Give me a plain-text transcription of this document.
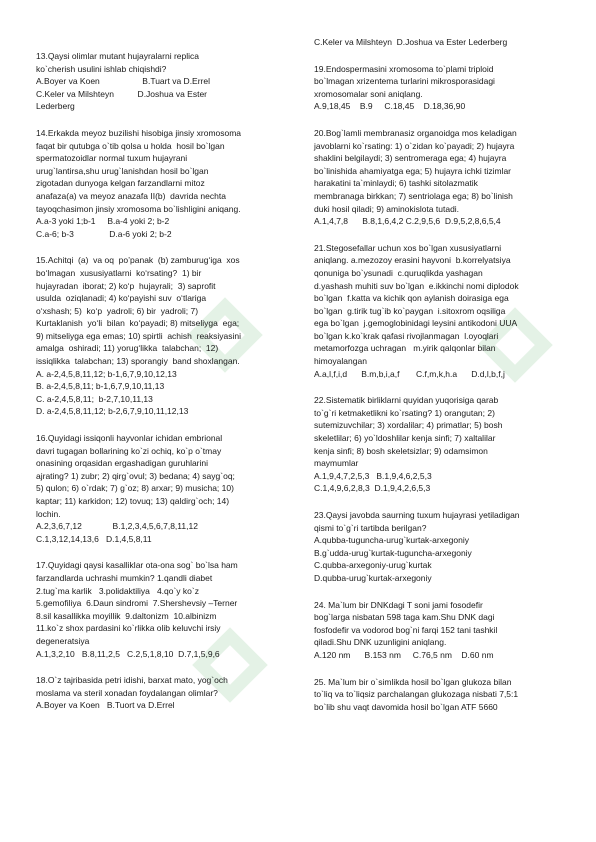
13.Qaysi olimlar mutant hujayralarni replica
ko`cherish usulini ishlab chiqishdi?
A.Boyer va Koen                  B.Tuart va D.Errel
C.Keler va Milshteyn          D.Joshua va Ester
Lederberg
14.Erkakda meyoz buzilishi hisobiga jinsiy xromosoma
faqat bir qutubga o`tib qolsa u holda  hosil bo`lgan
spermatozoidlar normal tuxum hujayrani
urug`lantirsa,shu urug`lanishdan hosil bo`lgan
zigotadan dunyoga kelgan farzandlarni mitoz
anafaza(a) va meyoz anazafa II(b)  davrida nechta
tayoqchasimon jinsiy xromosoma bo`lishligini aniqang.
A.a-3 yoki 1;b-1     B.a-4 yoki 2; b-2
C.a-6; b-3               D.a-6 yoki 2; b-2
15.Achitqi  (a)  va oq  po’panak  (b) zamburug‘iga  xos
bo‘lmagan  xususiyatlarni  ko‘rsating?  1) bir
hujayradan  iborat; 2) ko‘p  hujayrali;  3) saprofit
usulda  oziqlanadi; 4) ko‘payishi suv  o‘tlariga
o‘xshash; 5)  ko‘p  yadroli; 6) bir  yadroli; 7)
Kurtaklanish  yo‘li  bilan  ko‘payadi; 8) mitseliyga  ega;
9) mitseliyga ega emas; 10) spirtli  achish  reaksiyasini
amalga  oshiradi; 11) yorug‘likka  talabchan;  12)
issiqlikka  talabchan; 13) sporangiy  band shoxlangan.
A. a-2,4,5,8,11,12; b-1,6,7,9,10,12,13
B. a-2,4,5,8,11; b-1,6,7,9,10,11,13
C. a-2,4,5,8,11;  b-2,7,10,11,13
D. a-2,4,5,8,11,12; b-2,6,7,9,10,11,12,13
16.Quyidagi issiqonli hayvonlar ichidan embrional
davri tugagan bollarining ko`zi ochiq, ko`p o`tmay
onasining orqasidan ergashadigan guruhlarini
ajrating? 1) zubr; 2) qirg`ovul; 3) bedana; 4) sayg`oq;
5) qulon; 6) o`rdak; 7) g`oz; 8) arxar; 9) musicha; 10)
kaptar; 11) karkidon; 12) tovuq; 13) qaldirg`och; 14)
lochin.
A.2,3,6,7,12             B.1,2,3,4,5,6,7,8,11,12
C.1,3,12,14,13,6   D.1,4,5,8,11
17.Quyidagi qaysi kasalliklar ota-ona sog` bo`lsa ham
farzandlarda uchrashi mumkin? 1.qandli diabet
2.tug`ma karlik   3.polidaktiliya   4.qo`y ko`z
5.gemofiliya  6.Daun sindromi  7.Shershevsiy –Terner
8.sil kasallikka moyillik  9.daltonizm  10.albinizm
11.ko`z shox pardasini ko`rlikka olib keluvchi irsiy
degeneratsiya
A.1,3,2,10   B.8,11,2,5   C.2,5,1,8,10  D.7,1,5,9,6
18.O`z tajribasida petri idishi, barxat mato, yog`och
moslama va steril xonadan foydalangan olimlar?
A.Boyer va Koen   B.Tuort va D.Errel
C.Keler va Milshteyn  D.Joshua va Ester Lederberg
19.Endospermasini xromosoma to`plami triploid
bo`lmagan xrizentema turlarini mikrosporasidagi
xromosomalar soni aniqlang.
A.9,18,45    B.9     C.18,45    D.18,36,90
20.Bog`lamli membranasiz organoidga mos keladigan
javoblarni ko`rsating: 1) o`zidan ko`payadi; 2) hujayra
shaklini belgilaydi; 3) sentromeraga ega; 4) hujayra
bo`linishida ahamiyatga ega; 5) hujayra ichki tizimlar
harakatini ta`minlaydi; 6) tashki sitolazmatik
membranaga birkkan; 7) sentriolaga ega; 8) bo`linish
duki hosil qiladi; 9) aminokislota tutadi.
A.1,4,7,8      B.8,1,6,4,2 C.2,9,5,6  D.9,5,2,8,6,5,4
21.Stegosefallar uchun xos bo`lgan xususiyatlarni
aniqlang. a.mezozoy erasini hayvoni  b.korrelyatsiya
qonuniga bo`ysunadi  c.quruqlikda yashagan
d.yashash muhiti suv bo`lgan  e.ikkinchi nomi diplodok
bo`lgan  f.katta va kichik qon aylanish doirasiga ega
bo`lgan  g.tirik tug`ib ko`paygan  i.sitoxrom oqsiliga
ega bo`lgan  j.gemoglobinidagi leysini antikodoni UUA
bo`lgan k.ko`krak qafasi rivojlanmagan  l.oyoqlari
metamorfozga uchragan   m.yirik qalqonlar bilan
himoyalangan
A.a,l,f,i,d      B.m,b,i,a,f       C.f,m,k,h.a      D.d,l,b,f,j
22.Sistematik birliklarni quyidan yuqorisiga qarab
to`g`ri ketmaketlikni ko`rsating? 1) orangutan; 2)
sutemizuvchilar; 3) xordalilar; 4) primatlar; 5) bosh
skeletlilar; 6) yo`ldoshlilar kenja sinfi; 7) xaltalilar
kenja sinfi; 8) bosh skeletsizlar; 9) odamsimon
maymumlar
A.1,9,4,7,2,5,3   B.1,9,4,6,2,5,3
C.1,4,9,6,2,8,3  D.1,9,4,2,6,5,3
23.Qaysi javobda saurning tuxum hujayrasi yetiladigan
qismi to`g`ri tartibda berilgan?
A.qubba-tuguncha-urug`kurtak-arxegoniy
B.g`udda-urug`kurtak-tuguncha-arxegoniy
C.qubba-arxegoniy-urug`kurtak
D.qubba-urug`kurtak-arxegoniy
24. Ma`lum bir DNKdagi T soni jami fosodefir
bog`larga nisbatan 598 taga kam.Shu DNK dagi
fosfodefir va vodorod bog`ni farqi 152 tani tashkil
qiladi.Shu DNK uzunligini aniqlang.
A.120 nm      B.153 nm     C.76,5 nm    D.60 nm
25. Ma`lum bir o`simlikda hosil bo`lgan glukoza bilan
to`liq va to`liqsiz parchalangan glukozaga nisbati 7,5:1
bo`lib shu vaqt davomida hosil bo`lgan ATF 5660
